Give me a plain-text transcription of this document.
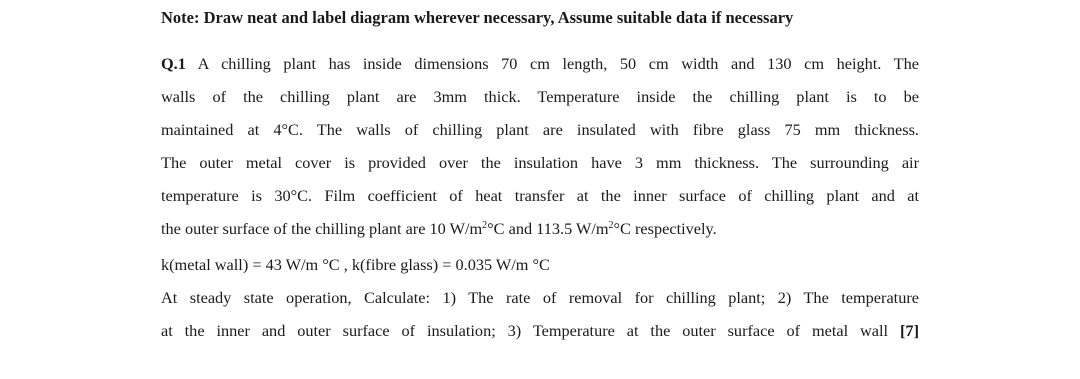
Note: Draw neat and label diagram wherever necessary, Assume suitable data if necessary
Q.1 A chilling plant has inside dimensions 70 cm length, 50 cm width and 130 cm height. The
walls of the chilling plant are 3mm thick. Temperature inside the chilling plant is to be
maintained at 4°C. The walls of chilling plant are insulated with fibre glass 75 mm thickness.
The outer metal cover is provided over the insulation have 3 mm thickness. The surrounding air
temperature is 30°C. Film coefficient of heat transfer at the inner surface of chilling plant and at
the outer surface of the chilling plant are 10 $W/m^2^\circ C$ and 113.5 $W/m^2^\circ C$ respectively.
k(metal wall) = 43 W/m °C , k(fibre glass) = 0.035 W/m °C
At steady state operation, Calculate: 1) The rate of removal for chilling plant; 2) The temperature
at the inner and outer surface of insulation; 3) Temperature at the outer surface of metal wall [7]
